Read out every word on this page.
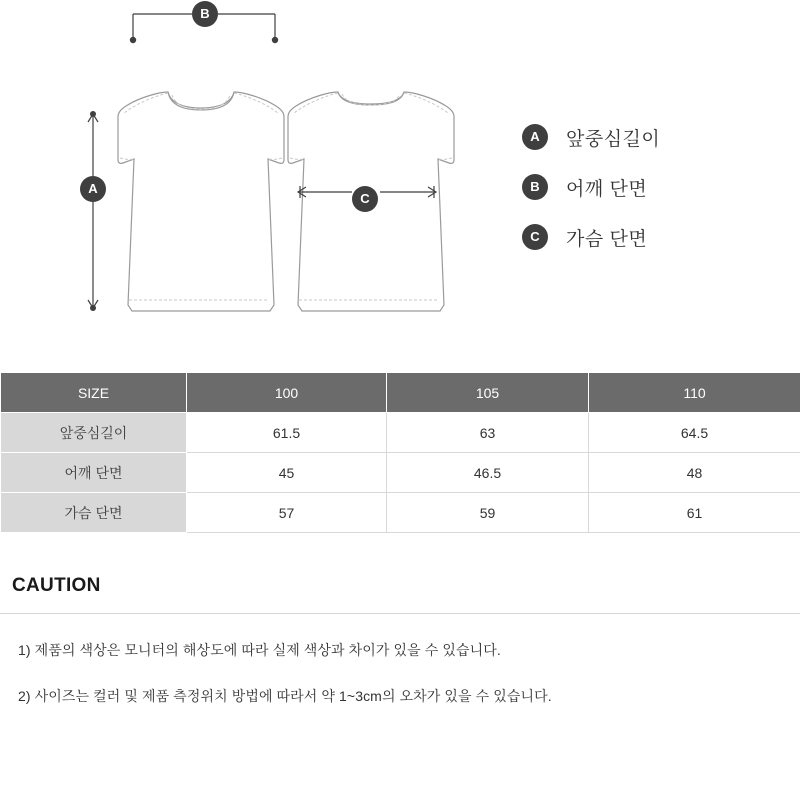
B
A
C
A	앞중심길이
B	어깨 단면
C	가슴 단면
SIZE	100	105	110
앞중심길이	61.5	63	64.5
어깨 단면	45	46.5	48
가슴 단면	57	59	61
CAUTION
1) 제품의 색상은 모니터의 해상도에 따라 실제 색상과 차이가 있을 수 있습니다.
2) 사이즈는 컬러 및 제품 측정위치 방법에 따라서 약 1~3cm의 오차가 있을 수 있습니다.
